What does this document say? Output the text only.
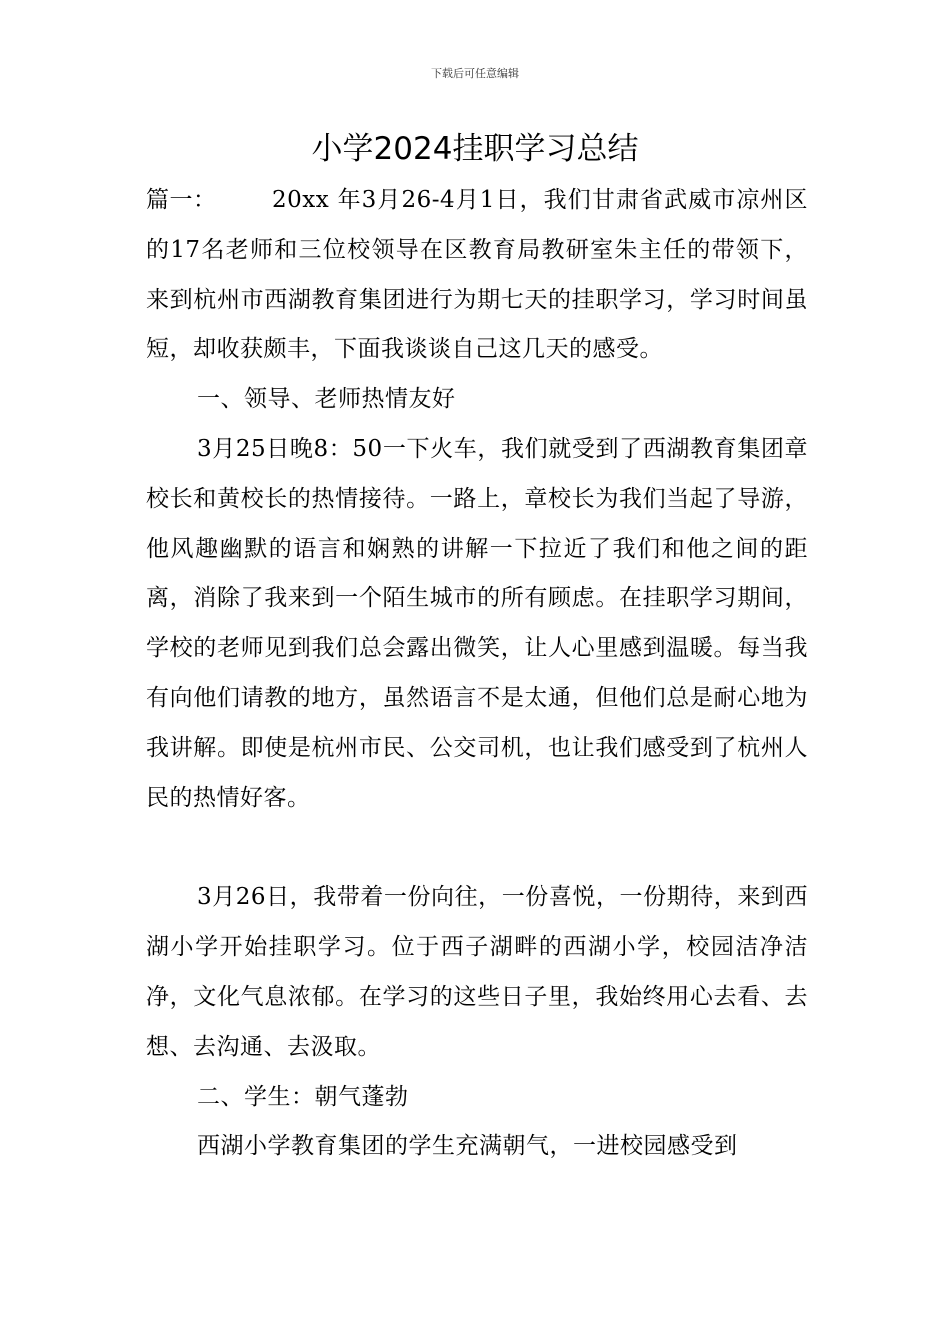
下载后可任意编辑
小学2024挂职学习总结

篇一： 20xx 年3月26-4月1日，我们甘肃省武威市凉州区的17名老师和三位校领导在区教育局教研室朱主任的带领下，来到杭州市西湖教育集团进行为期七天的挂职学习，学习时间虽短，却收获颇丰，下面我谈谈自己这几天的感受。

一、领导、老师热情友好

3月25日晚8：50一下火车，我们就受到了西湖教育集团章校长和黄校长的热情接待。一路上，章校长为我们当起了导游，他风趣幽默的语言和娴熟的讲解一下拉近了我们和他之间的距离，消除了我来到一个陌生城市的所有顾虑。在挂职学习期间，学校的老师见到我们总会露出微笑，让人心里感到温暖。每当我有向他们请教的地方，虽然语言不是太通，但他们总是耐心地为我讲解。即使是杭州市民、公交司机，也让我们感受到了杭州人民的热情好客。

3月26日，我带着一份向往，一份喜悦，一份期待，来到西湖小学开始挂职学习。位于西子湖畔的西湖小学，校园洁净洁净，文化气息浓郁。在学习的这些日子里，我始终用心去看、去想、去沟通、去汲取。

二、学生：朝气蓬勃

西湖小学教育集团的学生充满朝气，一进校园感受到
